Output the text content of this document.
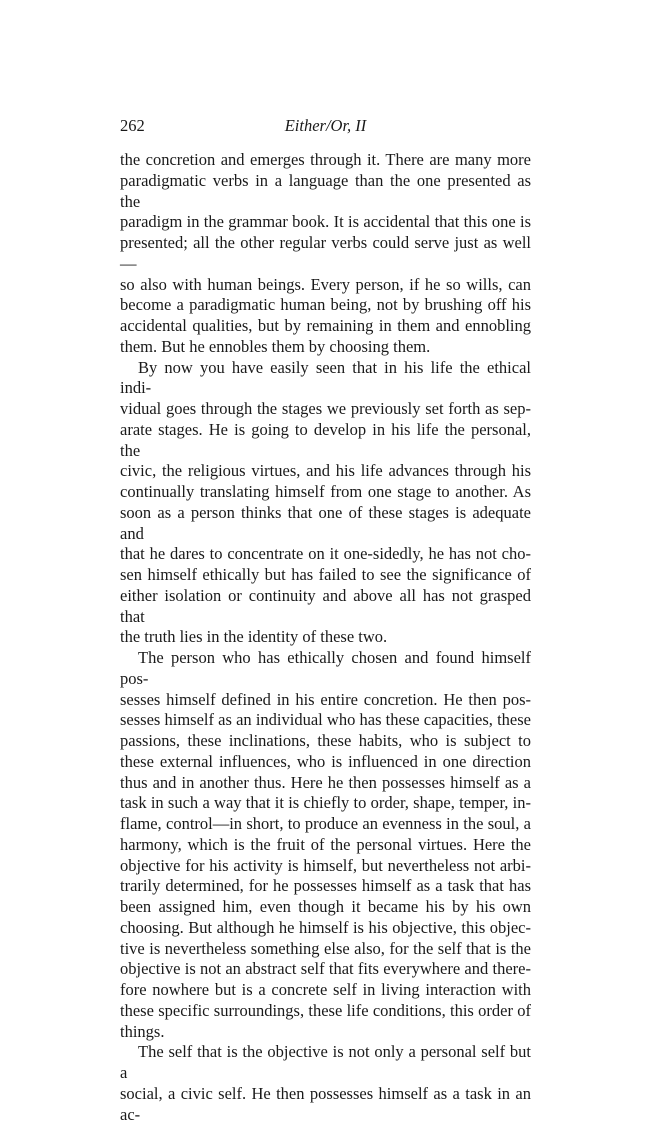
262	Either/Or, II

the concretion and emerges through it. There are many more

paradigmatic verbs in a language than the one presented as the

paradigm in the grammar book. It is accidental that this one is

presented; all the other regular verbs could serve just as well—

so also with human beings. Every person, if he so wills, can

become a paradigmatic human being, not by brushing off his

accidental qualities, but by remaining in them and ennobling

them. But he ennobles them by choosing them.

By now you have easily seen that in his life the ethical indi-

vidual goes through the stages we previously set forth as sep-

arate stages. He is going to develop in his life the personal, the

civic, the religious virtues, and his life advances through his

continually translating himself from one stage to another. As

soon as a person thinks that one of these stages is adequate and

that he dares to concentrate on it one-sidedly, he has not cho-

sen himself ethically but has failed to see the significance of

either isolation or continuity and above all has not grasped that

the truth lies in the identity of these two.

The person who has ethically chosen and found himself pos-

sesses himself defined in his entire concretion. He then pos-

sesses himself as an individual who has these capacities, these

passions, these inclinations, these habits, who is subject to

these external influences, who is influenced in one direction

thus and in another thus. Here he then possesses himself as a

task in such a way that it is chiefly to order, shape, temper, in-

flame, control—in short, to produce an evenness in the soul, a

harmony, which is the fruit of the personal virtues. Here the

objective for his activity is himself, but nevertheless not arbi-

trarily determined, for he possesses himself as a task that has

been assigned him, even though it became his by his own

choosing. But although he himself is his objective, this objec-

tive is nevertheless something else also, for the self that is the

objective is not an abstract self that fits everywhere and there-

fore nowhere but is a concrete self in living interaction with

these specific surroundings, these life conditions, this order of

things.

The self that is the objective is not only a personal self but a

social, a civic self. He then possesses himself as a task in an ac-
